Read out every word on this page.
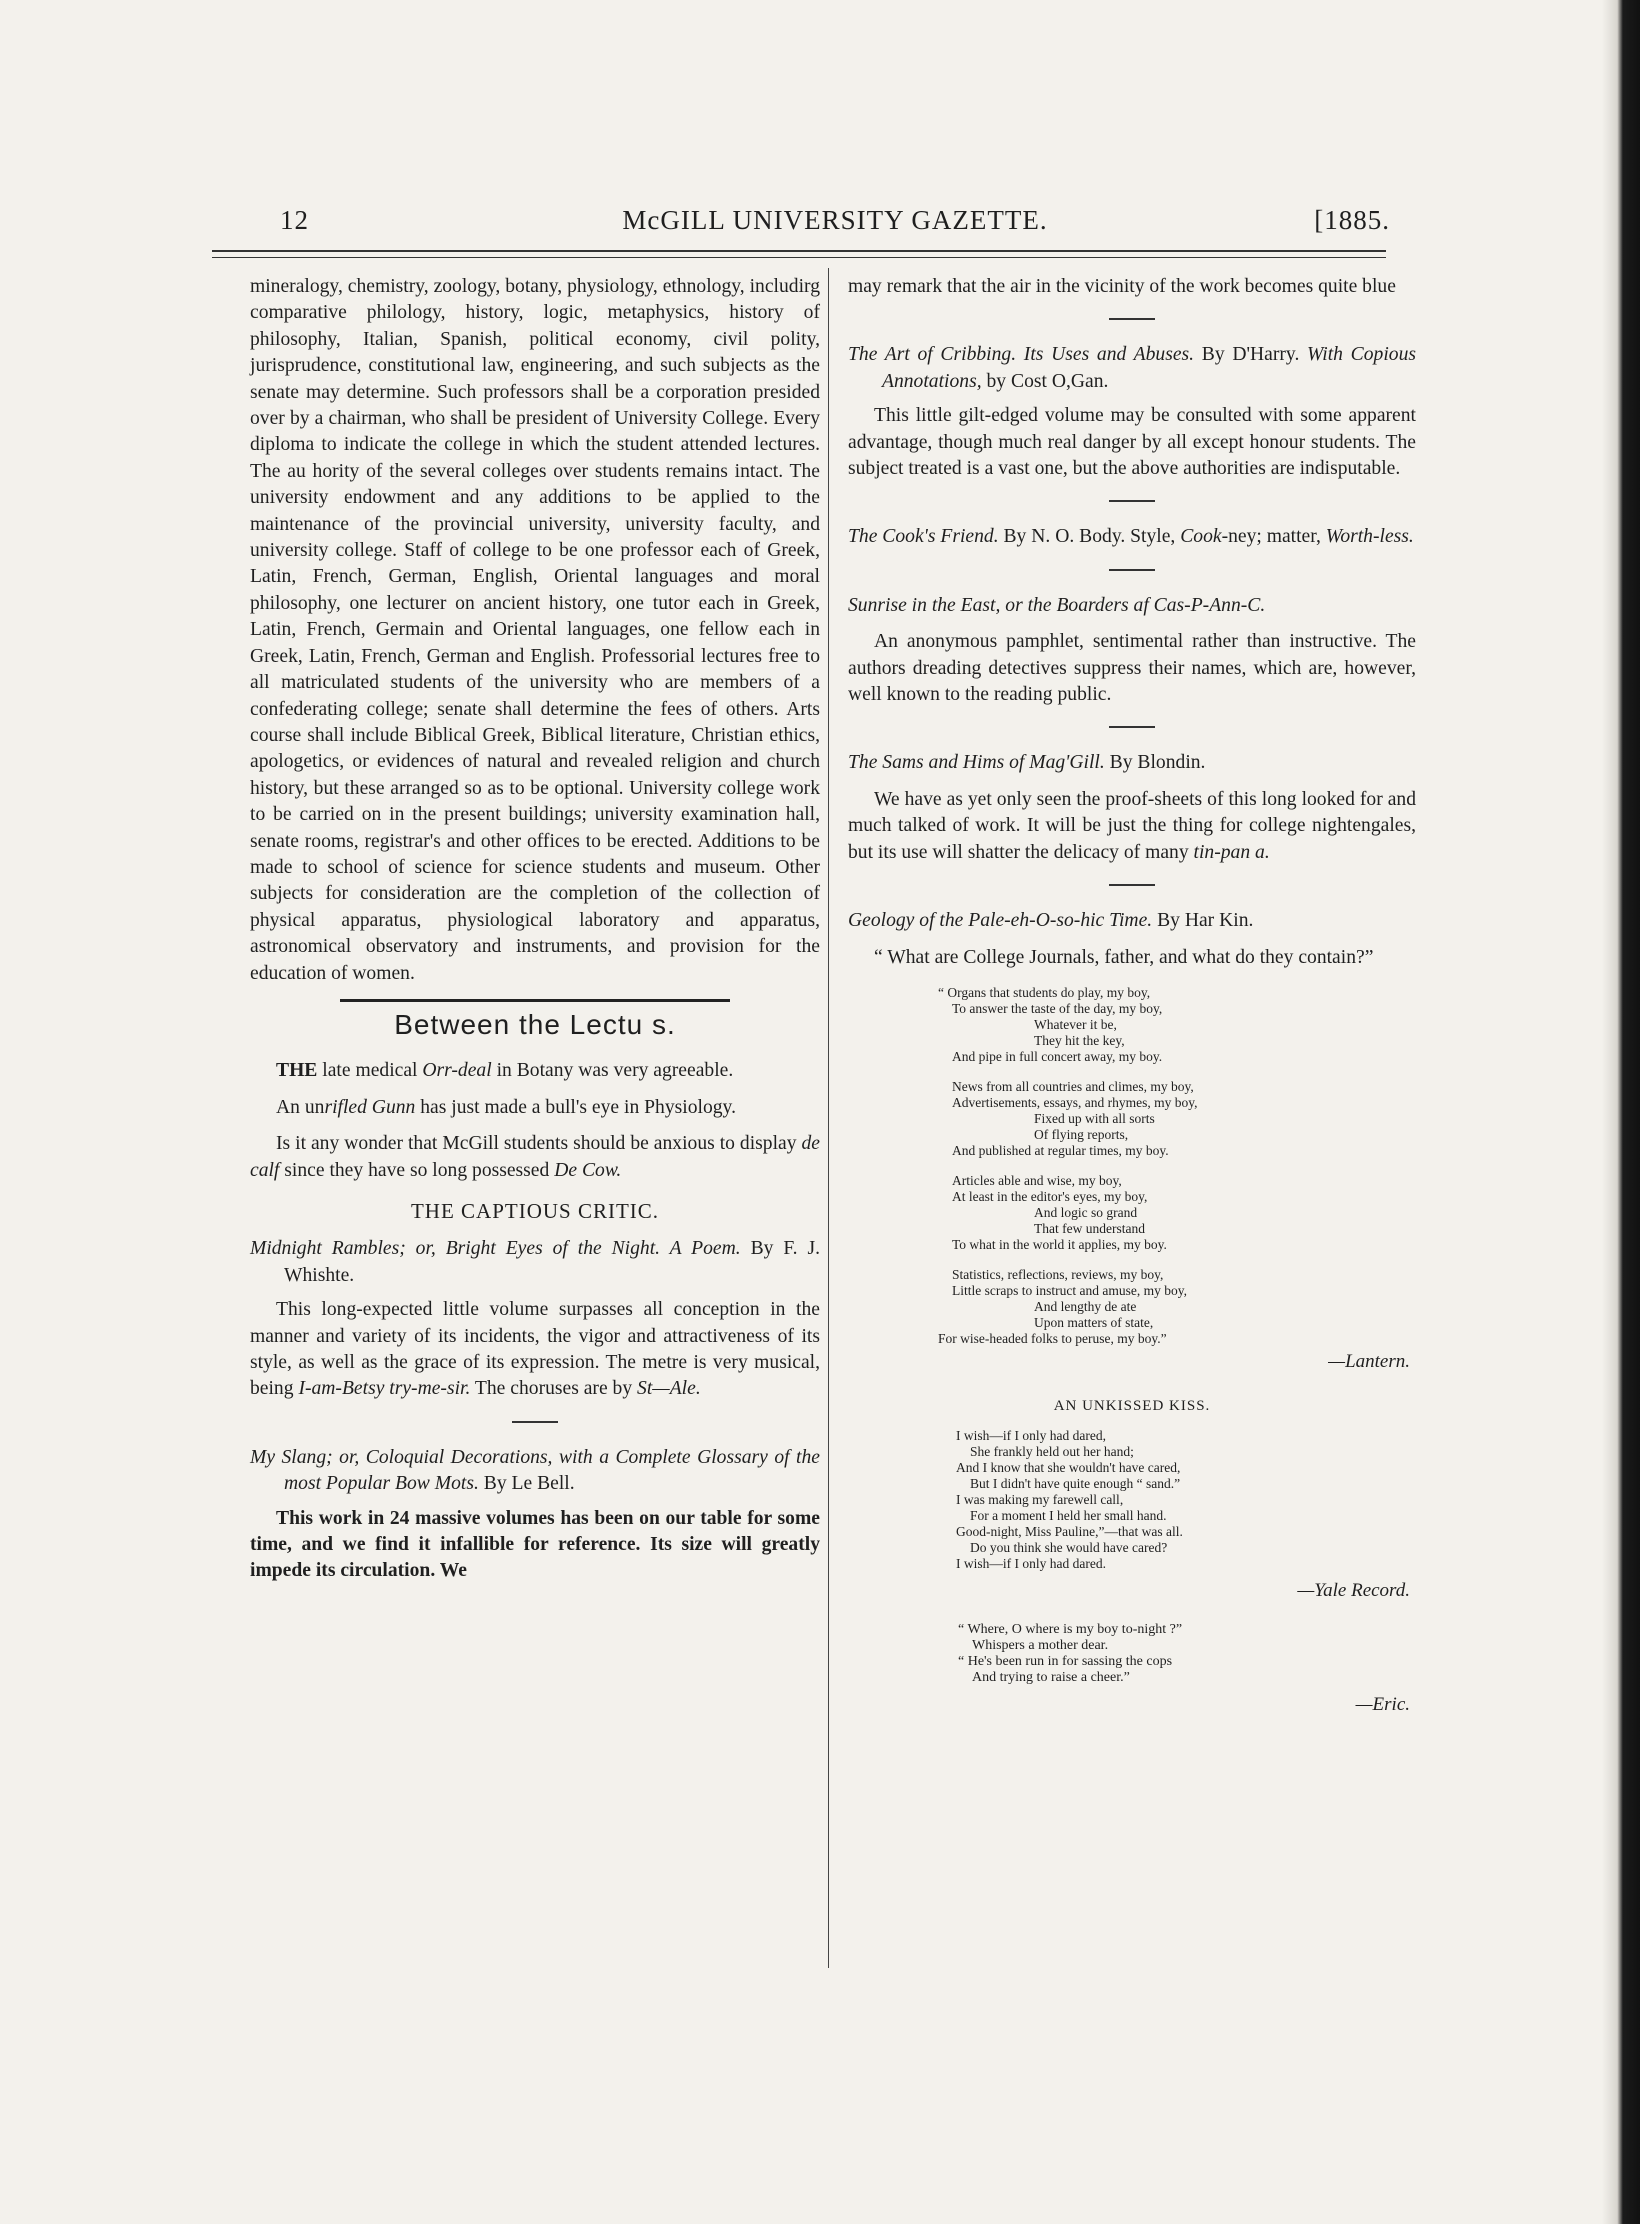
12	McGILL UNIVERSITY GAZETTE.	[1885.

mineralogy, chemistry, zoology, botany, physiology, ethnology, includirg comparative philology, history, logic, metaphysics, history of philosophy, Italian, Spanish, political economy, civil polity, jurisprudence, constitutional law, engineering, and such subjects as the senate may determine. Such professors shall be a corporation presided over by a chairman, who shall be president of University College. Every diploma to indicate the college in which the student attended lectures. The au hority of the several colleges over students remains intact. The university endowment and any additions to be applied to the maintenance of the provincial university, university faculty, and university college. Staff of college to be one professor each of Greek, Latin, French, German, English, Oriental languages and moral philosophy, one lecturer on ancient history, one tutor each in Greek, Latin, French, Germain and Oriental languages, one fellow each in Greek, Latin, French, German and English. Professorial lectures free to all matriculated students of the university who are members of a confederating college; senate shall determine the fees of others. Arts course shall include Biblical Greek, Biblical literature, Christian ethics, apologetics, or evidences of natural and revealed religion and church history, but these arranged so as to be optional. University college work to be carried on in the present buildings; university examination hall, senate rooms, registrar's and other offices to be erected. Additions to be made to school of science for science students and museum. Other subjects for consideration are the completion of the collection of physical apparatus, physiological laboratory and apparatus, astronomical observatory and instruments, and provision for the education of women.

Between the Lectu s.

THE late medical Orr-deal in Botany was very agreeable.

An unrifled Gunn has just made a bull's eye in Physiology.

Is it any wonder that McGill students should be anxious to display de calf since they have so long possessed De Cow.

THE CAPTIOUS CRITIC.

Midnight Rambles; or, Bright Eyes of the Night. A Poem. By F. J. Whishte.

This long-expected little volume surpasses all conception in the manner and variety of its incidents, the vigor and attractiveness of its style, as well as the grace of its expression. The metre is very musical, being I-am-Betsy try-me-sir. The choruses are by St—Ale.

My Slang; or, Coloquial Decorations, with a Complete Glossary of the most Popular Bow Mots. By Le Bell.

This work in 24 massive volumes has been on our table for some time, and we find it infallible for reference. Its size will greatly impede its circulation. We

may remark that the air in the vicinity of the work becomes quite blue

The Art of Cribbing. Its Uses and Abuses. By D'Harry. With Copious Annotations, by Cost O,Gan.

This little gilt-edged volume may be consulted with some apparent advantage, though much real danger by all except honour students. The subject treated is a vast one, but the above authorities are indisputable.

The Cook's Friend. By N. O. Body. Style, Cook-ney; matter, Worth-less.

Sunrise in the East, or the Boarders af Cas-P-Ann-C.

An anonymous pamphlet, sentimental rather than instructive. The authors dreading detectives suppress their names, which are, however, well known to the reading public.

The Sams and Hims of Mag'Gill. By Blondin.

We have as yet only seen the proof-sheets of this long looked for and much talked of work. It will be just the thing for college nightengales, but its use will shatter the delicacy of many tin-pan a.

Geology of the Pale-eh-O-so-hic Time. By Har Kin.

“ What are College Journals, father, and what do they contain?”

“ Organs that students do play, my boy,
To answer the taste of the day, my boy,
Whatever it be,
They hit the key,
And pipe in full concert away, my boy.
News from all countries and climes, my boy,
Advertisements, essays, and rhymes, my boy,
Fixed up with all sorts
Of flying reports,
And published at regular times, my boy.
Articles able and wise, my boy,
At least in the editor's eyes, my boy,
And logic so grand
That few understand
To what in the world it applies, my boy.
Statistics, reflections, reviews, my boy,
Little scraps to instruct and amuse, my boy,
And lengthy de ate
Upon matters of state,
For wise-headed folks to peruse, my boy.”
—Lantern.
AN UNKISSED KISS.
I wish—if I only had dared,
She frankly held out her hand;
And I know that she wouldn't have cared,
But I didn't have quite enough “ sand.”
I was making my farewell call,
For a moment I held her small hand.
Good-night, Miss Pauline,”—that was all.
Do you think she would have cared?
I wish—if I only had dared.
—Yale Record.
“ Where, O where is my boy to-night ?”
Whispers a mother dear.
“ He's been run in for sassing the cops
And trying to raise a cheer.”
—Eric.
